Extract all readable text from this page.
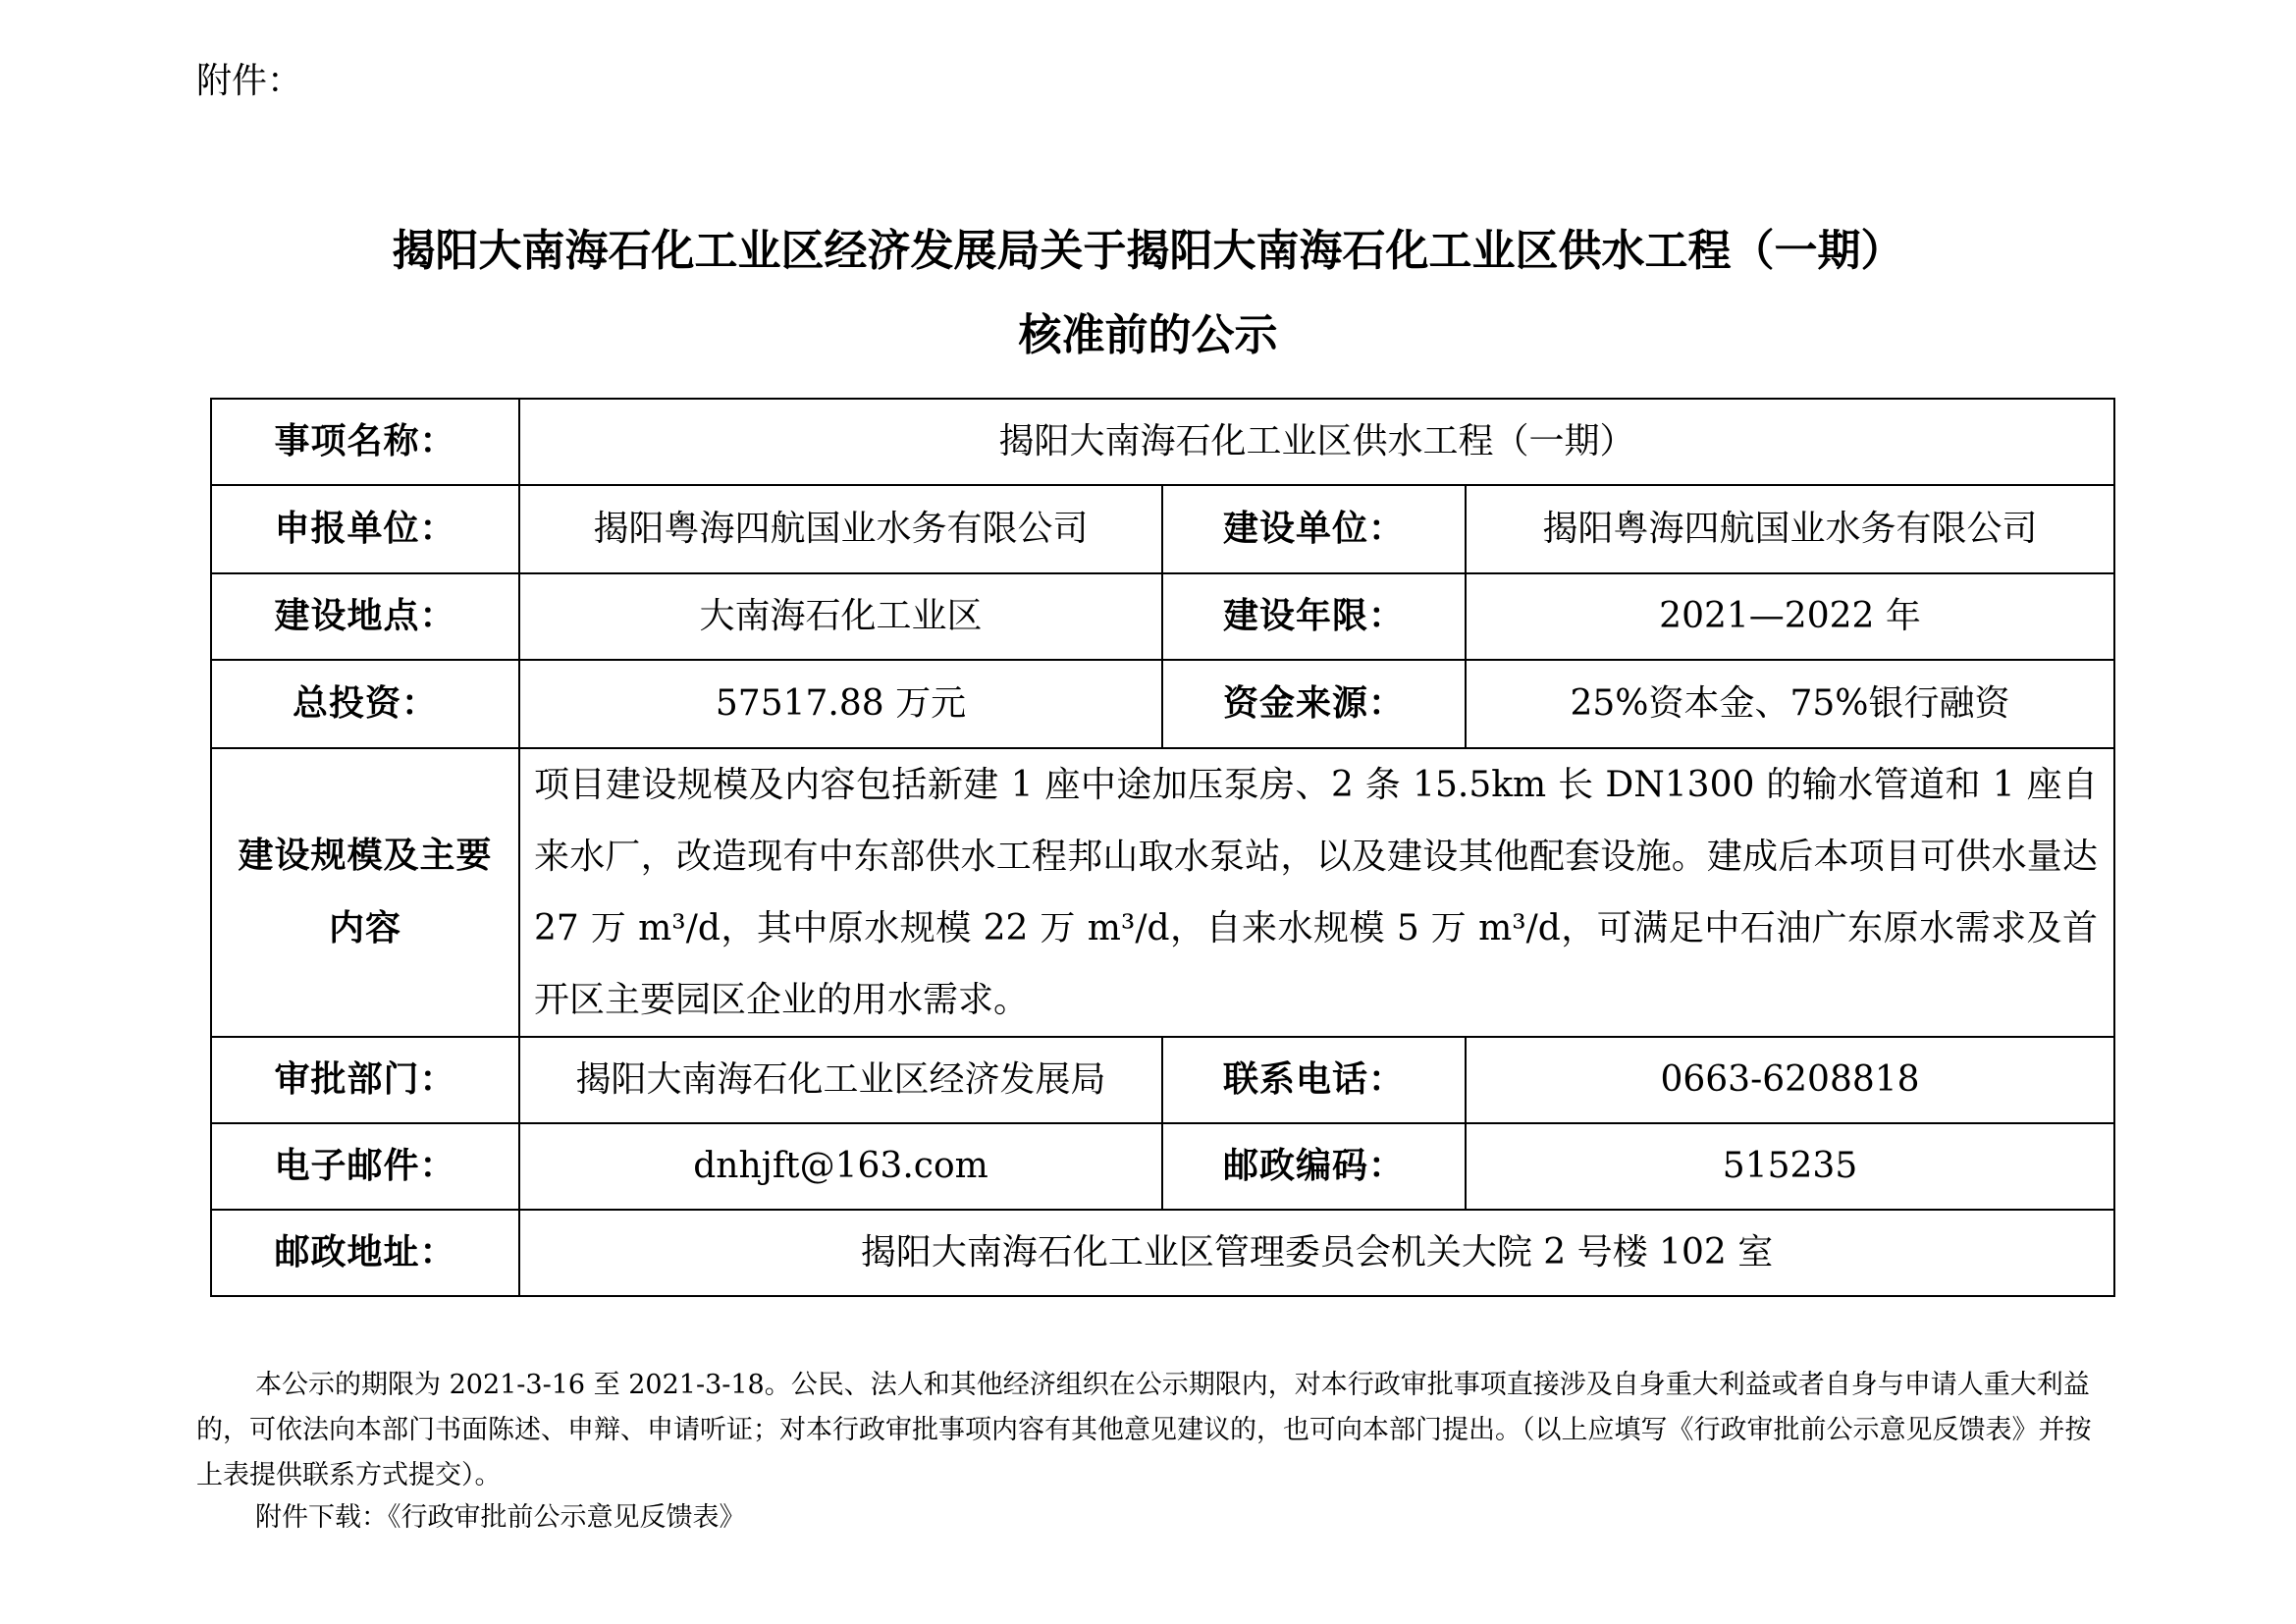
附件：
揭阳大南海石化工业区经济发展局关于揭阳大南海石化工业区供水工程（一期）
核准前的公示
事项名称：	揭阳大南海石化工业区供水工程（一期）		
申报单位：	揭阳粤海四航国业水务有限公司	建设单位：	揭阳粤海四航国业水务有限公司
建设地点：	大南海石化工业区	建设年限：	2021—2022 年
总投资：	57517.88 万元	资金来源：	25%资本金、75%银行融资
建设规模及主要
内容	项目建设规模及内容包括新建 1 座中途加压泵房、2 条 15.5km 长 DN1300 的输水管道和 1 座自来水厂，改造现有中东部供水工程邦山取水泵站，以及建设其他配套设施。建成后本项目可供水量达 27 万 m³/d，其中原水规模 22 万 m³/d，自来水规模 5 万 m³/d，可满足中石油广东原水需求及首开区主要园区企业的用水需求。		
审批部门：	揭阳大南海石化工业区经济发展局	联系电话：	0663-6208818
电子邮件：	dnhjft@163.com	邮政编码：	515235
邮政地址：	揭阳大南海石化工业区管理委员会机关大院 2 号楼 102 室		

本公示的期限为 2021-3-16 至 2021-3-18。公民、法人和其他经济组织在公示期限内，对本行政审批事项直接涉及自身重大利益或者自身与申请人重大利益的，可依法向本部门书面陈述、申辩、申请听证；对本行政审批事项内容有其他意见建议的，也可向本部门提出。（以上应填写《行政审批前公示意见反馈表》并按上表提供联系方式提交）。

附件下载：《行政审批前公示意见反馈表》
